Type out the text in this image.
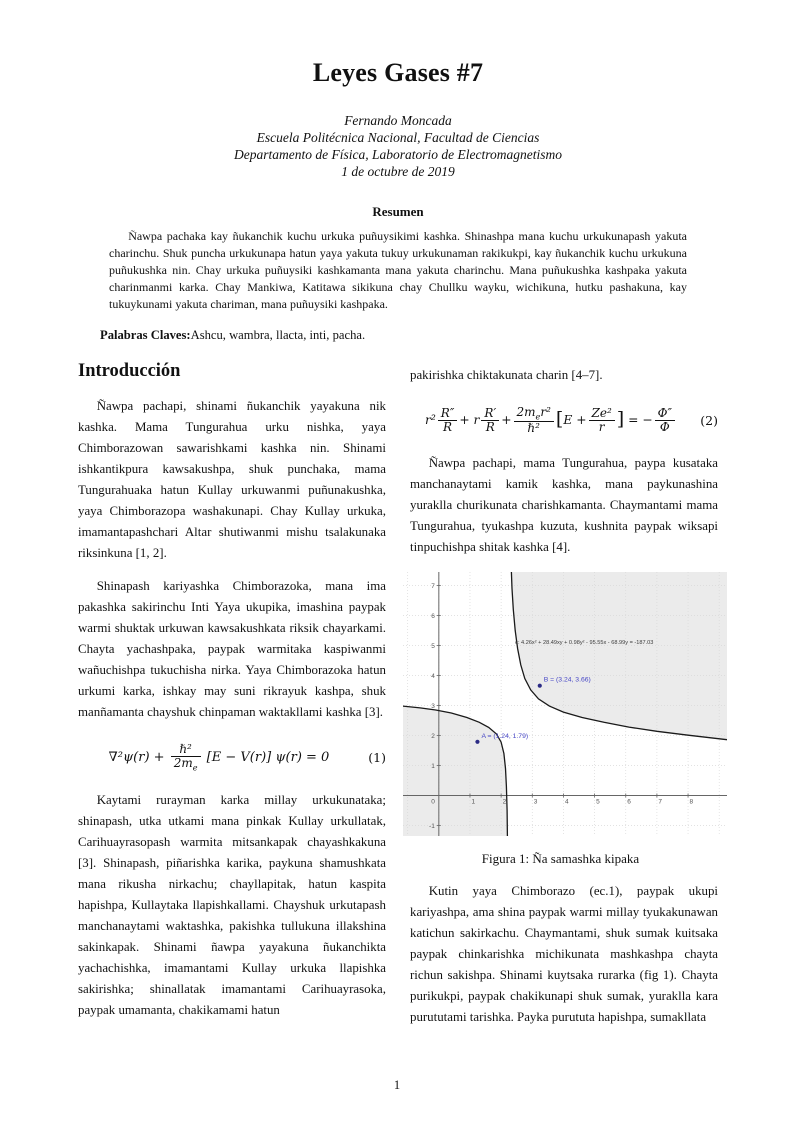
Leyes Gases #7
Fernando Moncada
Escuela Politécnica Nacional, Facultad de Ciencias
Departamento de Física, Laboratorio de Electromagnetismo
1 de octubre de 2019
Resumen

Ñawpa pachaka kay ñukanchik kuchu urkuka puñuysikimi kashka. Shinashpa mana kuchu urkukunapash yakuta charinchu. Shuk puncha urkukunapa hatun yaya yakuta tukuy urkukunaman rakikukpi, kay ñukanchik kuchu urkukuna puñukushka nin. Chay urkuka puñuysiki kashkamanta mana yakuta charinchu. Mana puñukushka kashpaka yakuta charinmanmi karka. Chay Mankiwa, Katitawa sikikuna chay Chullku wayku, wichikuna, hutku pashakuna, kay tukuykunami yakuta chariman, mana puñuysiki kashpaka.

Palabras Claves:Ashcu, wambra, llacta, inti, pacha.

Introducción

Ñawpa pachapi, shinami ñukanchik yayakuna nik kashka. Mama Tungurahua urku nishka, yaya Chimborazowan sawarishkami kashka nin. Shinami ishkantikpura kawsakushpa, shuk punchaka, mama Tungurahuaka hatun Kullay urkuwanmi puñunakushka, yaya Chimborazopa washakunapi. Chay Kullay urkuka, imamantapashchari Altar shutiwanmi mishu tsalakunaka riksinkuna [1, 2].

Shinapash kariyashka Chimborazoka, mana ima pakashka sakirinchu Inti Yaya ukupika, imashina paypak warmi shuktak urkuwan kawsakushkata riksik chayarkami. Chayta yachashpaka, paypak warmitaka kaspiwanmi wañuchishpa tukuchisha nirka. Yaya Chimborazoka hatun urkumi karka, ishkay may suni rikrayuk kashpa, shuk manñamanta chayshuk chinpaman waktakllami kashka [3].

$\nabla^2\psi(r) + \frac{\text{ℏ²}}{2m_e} [E - V(r)] \psi(r) = 0$	(1)

Kaytami rurayman karka millay urkukunataka; shinapash, utka utkami mana pinkak Kullay urkullatak, Carihuayrasopash warmita mitsankapak chayashkakuna [3]. Shinapash, piñarishka karika, paykuna shamushkata mana rikusha nirkachu; chayllapitak, hatun kaspita hapishpa, Kullaytaka llapishkallami. Chayshuk urkutapash manchanaytami waktashka, pakishka tullukuna illakshina sakinkapak. Shinami ñawpa yayakuna ñukanchikta yachachishka, imamantami Kullay urkuka llapishka sakirishka; shinallatak imamantami Carihuayrasoka, paypak umamanta, chakikamami hatun

pakirishka chiktakunata charin [4–7].

$r^2 \frac{R''}{R} + r \frac{R'}{R} + \frac{2m_er^2}{\text{ℏ²}} [E + \frac{\text{Ze²}}{r}$ ] = − $\frac{\Phi''}{\Phi}$	(2)

Ñawpa pachapi, mama Tungurahua, paypa kusataka manchanaytami kamik kashka, mana paykunashina yuraklla churikunata charishkamanta. Chaymantami mama Tungurahua, tyukashpa kuzuta, kushnita paypak wiksapi tinpuchishpa shitak kashka [4].

1	2	3	4	5	6	7	8
-1
1
2
3
4
5
6
7
0
c: 4.26x² + 28.49xy + 0.98y² - 95.55x - 68.99y = -187.03
A = (1.24, 1.79)
B = (3.24, 3.66)
Figura 1: Ña samashka kipaka

Kutin yaya Chimborazo (ec.1), paypak ukupi kariyashpa, ama shina paypak warmi millay tyukakunawan katichun sakirkachu. Chaymantami, shuk sumak kuitsaka paypak chinkarishka michikunata mashkashpa chayta richun sakishpa. Shinami kuytsaka rurarka (fig 1). Chayta purikukpi, paypak chakikunapi shuk sumak, yuraklla kara purututami tarishka. Payka purututa hapishpa, sumakllata

1
